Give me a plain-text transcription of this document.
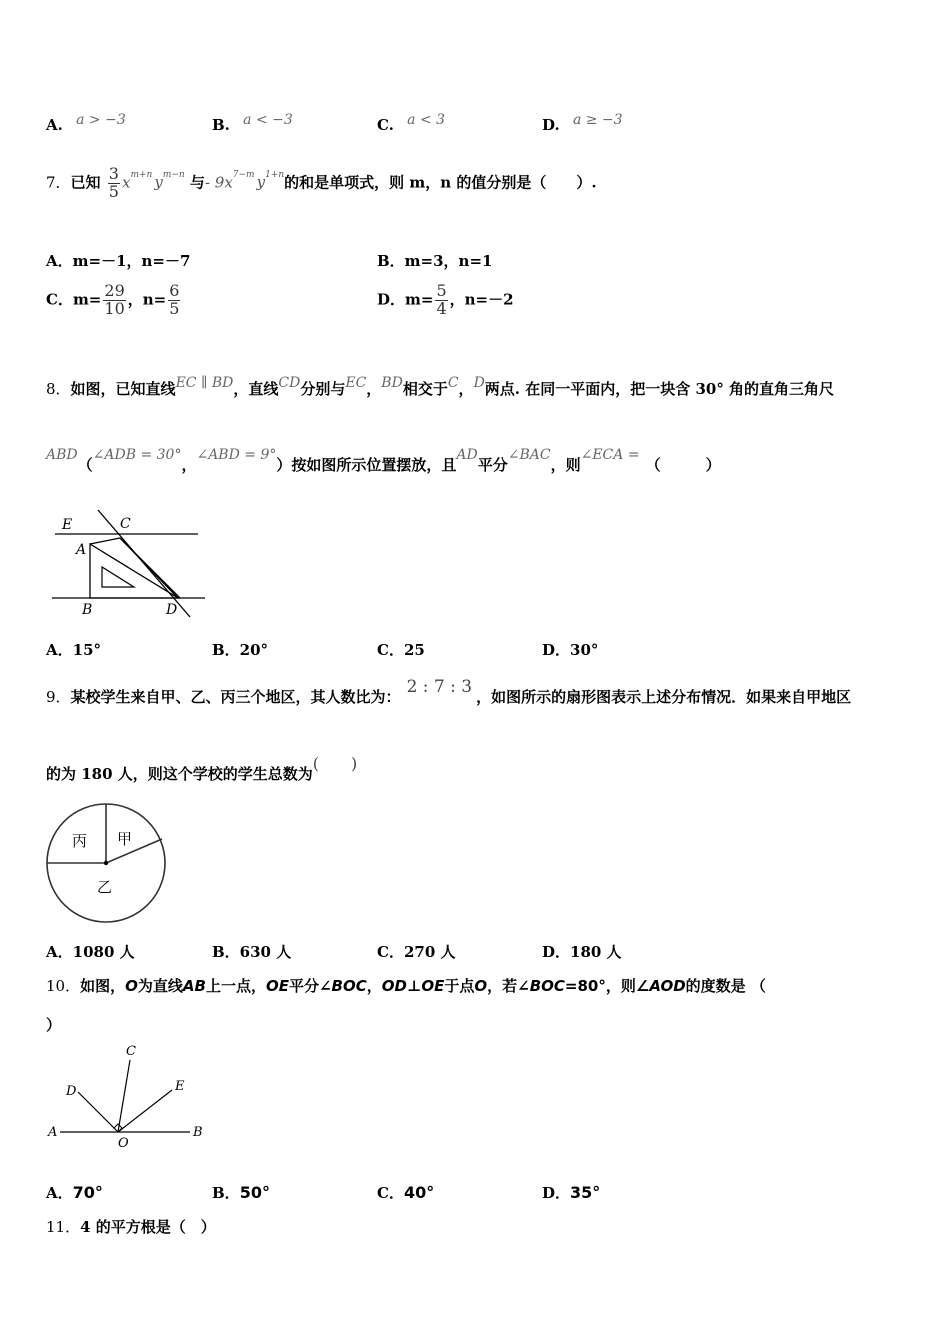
A. a > −3	B. a < −3	C. a < 3	D. a ≥ −3
7．已知 $\frac{3}{5} x^{m+n}$ $y^{m-n}$ 与- $9x^{7-m}$ $y^{1+n}$的和是单项式，则 m，n 的值分别是（　　）.
A．m=－1，n=－7	B．m=3，n=1
C．$m= \frac{29}{10}$ ，$n= \frac{6}{5}$	D．$m= \frac{5}{4}$ ，n=－2
8．如图，已知直线EC ∥ BD，直线CD分别与EC，BD相交于C，D两点. 在同一平面内，把一块含 30° 角的直角三角尺
ABD（∠ADB = 30°，∠ABD = 9°）按如图所示位置摆放，且AD平分∠BAC，则∠ECA =（　　　）
E	C
A
B	D
A．15°	B．20°	C．25	D．30°
9．某校学生来自甲、乙、丙三个地区，其人数比为： 2 : 7 : 3 ，如图所示的扇形图表示上述分布情况．如果来自甲地区
的为 180 人，则这个学校的学生总数为(　　)
丙 甲
乙
A．1080 人	B．630 人	C．270 人	D．180 人
10．如图，O为直线AB上一点，OE平分∠BOC，OD⊥OE于点O，若∠BOC=80°，则∠AOD的度数是 （
）
A	B
C
D	E
O
A．70°	B．50°	C．40°	D．35°
11．4 的平方根是（　）
